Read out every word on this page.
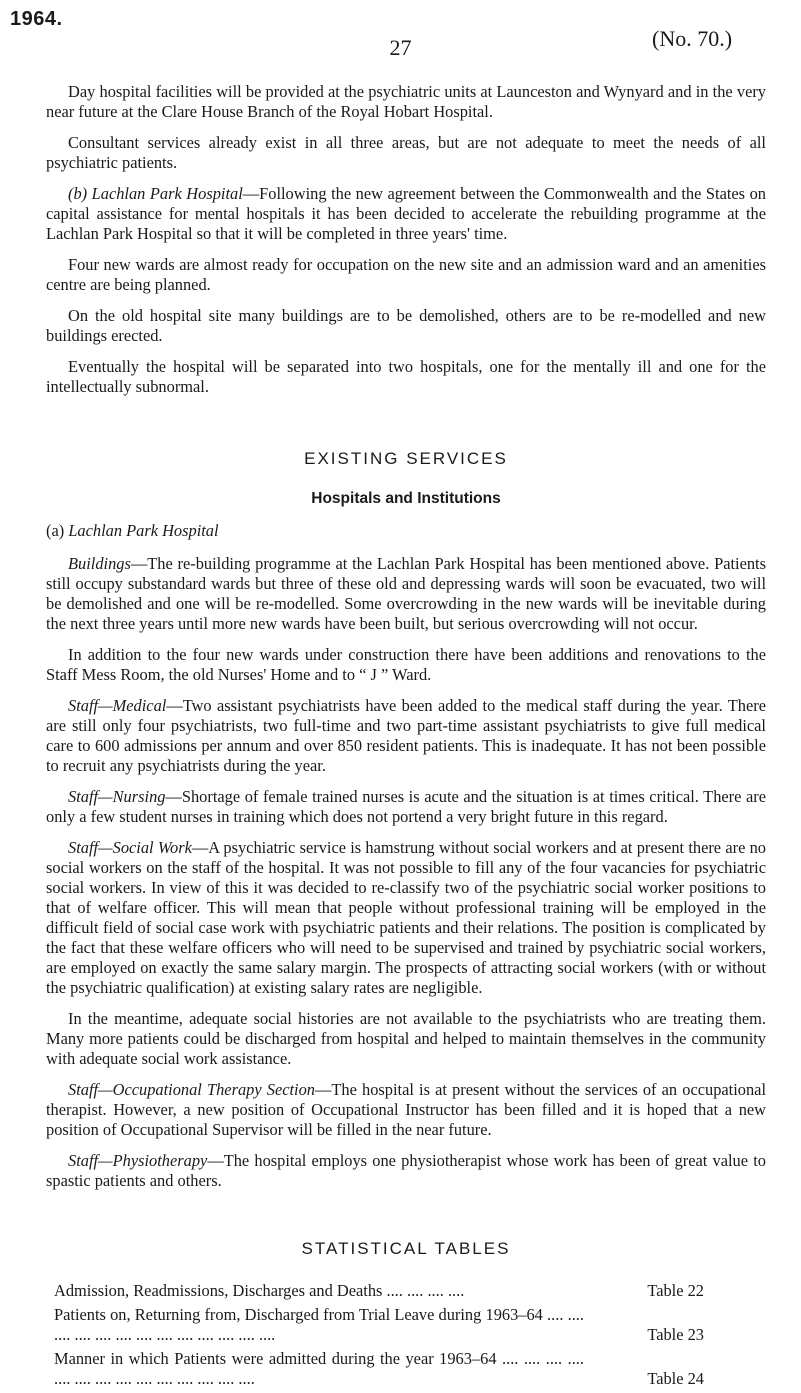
1964.
27	(No. 70.)

Day hospital facilities will be provided at the psychiatric units at Launceston and Wynyard and in the very near future at the Clare House Branch of the Royal Hobart Hospital.

Consultant services already exist in all three areas, but are not adequate to meet the needs of all psychiatric patients.

(b) Lachlan Park Hospital—Following the new agreement between the Commonwealth and the States on capital assistance for mental hospitals it has been decided to accelerate the rebuilding programme at the Lachlan Park Hospital so that it will be completed in three years' time.

Four new wards are almost ready for occupation on the new site and an admission ward and an amenities centre are being planned.

On the old hospital site many buildings are to be demolished, others are to be re-modelled and new buildings erected.

Eventually the hospital will be separated into two hospitals, one for the mentally ill and one for the intellectually subnormal.

EXISTING SERVICES
Hospitals and Institutions
(a) Lachlan Park Hospital

Buildings—The re-building programme at the Lachlan Park Hospital has been mentioned above. Patients still occupy substandard wards but three of these old and depressing wards will soon be evacuated, two will be demolished and one will be re-modelled. Some overcrowding in the new wards will be inevitable during the next three years until more new wards have been built, but serious overcrowding will not occur.

In addition to the four new wards under construction there have been additions and renovations to the Staff Mess Room, the old Nurses' Home and to “ J ” Ward.

Staff—Medical—Two assistant psychiatrists have been added to the medical staff during the year. There are still only four psychiatrists, two full-time and two part-time assistant psychiatrists to give full medical care to 600 admissions per annum and over 850 resident patients. This is inadequate. It has not been possible to recruit any psychiatrists during the year.

Staff—Nursing—Shortage of female trained nurses is acute and the situation is at times critical. There are only a few student nurses in training which does not portend a very bright future in this regard.

Staff—Social Work—A psychiatric service is hamstrung without social workers and at present there are no social workers on the staff of the hospital. It was not possible to fill any of the four vacancies for psychiatric social workers. In view of this it was decided to re-classify two of the psychiatric social worker positions to that of welfare officer. This will mean that people without professional training will be employed in the difficult field of social case work with psychiatric patients and their relations. The position is complicated by the fact that these welfare officers who will need to be supervised and trained by psychiatric social workers, are employed on exactly the same salary margin. The prospects of attracting social workers (with or without the psychiatric qualification) at existing salary rates are negligible.

In the meantime, adequate social histories are not available to the psychiatrists who are treating them. Many more patients could be discharged from hospital and helped to maintain themselves in the community with adequate social work assistance.

Staff—Occupational Therapy Section—The hospital is at present without the services of an occupational therapist. However, a new position of Occupational Instructor has been filled and it is hoped that a new position of Occupational Supervisor will be filled in the near future.

Staff—Physiotherapy—The hospital employs one physiotherapist whose work has been of great value to spastic patients and others.

STATISTICAL TABLES
Admission, Readmissions, Discharges and Deaths .... .... .... ....	Table 22
Patients on, Returning from, Discharged from Trial Leave during 1963–64 .... .... .... .... .... .... .... .... .... .... .... .... ....	Table 23
Manner in which Patients were admitted during the year 1963–64 .... .... .... .... .... .... .... .... .... .... .... .... .... ....	Table 24
